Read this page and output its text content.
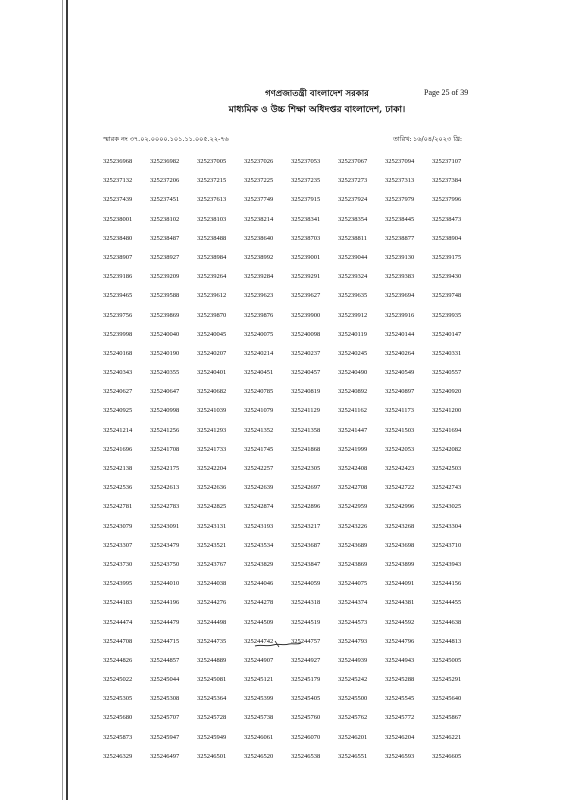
Page 25 of 39
গণপ্রজাতন্ত্রী বাংলাদেশ সরকার
মাধ্যমিক ও উচ্চ শিক্ষা অধিদপ্তর বাংলাদেশ, ঢাকা।
স্মারক নং ৩৭.০২.০০০০.১০১.১১.০০৫.২২-৭৬	তারিখ: ১৬/০৪/২০২৩ খ্রি:
325236968	325236982	325237005	325237026	325237053	325237067	325237094	325237107
325237132	325237206	325237215	325237225	325237235	325237273	325237313	325237384
325237439	325237451	325237613	325237749	325237915	325237924	325237979	325237996
325238001	325238102	325238103	325238214	325238341	325238354	325238445	325238473
325238480	325238487	325238488	325238640	325238703	325238811	325238877	325238904
325238907	325238927	325238984	325238992	325239001	325239044	325239130	325239175
325239186	325239209	325239264	325239284	325239291	325239324	325239383	325239430
325239465	325239588	325239612	325239623	325239627	325239635	325239694	325239748
325239756	325239869	325239870	325239876	325239900	325239912	325239916	325239935
325239998	325240040	325240045	325240075	325240098	325240119	325240144	325240147
325240168	325240190	325240207	325240214	325240237	325240245	325240264	325240331
325240343	325240355	325240401	325240451	325240457	325240490	325240549	325240557
325240627	325240647	325240682	325240785	325240819	325240892	325240897	325240920
325240925	325240998	325241039	325241079	325241129	325241162	325241173	325241200
325241214	325241256	325241293	325241352	325241358	325241447	325241503	325241694
325241696	325241708	325241733	325241745	325241868	325241999	325242053	325242082
325242138	325242175	325242204	325242257	325242305	325242408	325242423	325242503
325242536	325242613	325242636	325242639	325242697	325242708	325242722	325242743
325242781	325242783	325242825	325242874	325242896	325242959	325242996	325243025
325243079	325243091	325243131	325243193	325243217	325243226	325243268	325243304
325243307	325243479	325243521	325243534	325243687	325243689	325243698	325243710
325243730	325243750	325243767	325243829	325243847	325243869	325243899	325243943
325243995	325244010	325244038	325244046	325244059	325244075	325244091	325244156
325244183	325244196	325244276	325244278	325244318	325244374	325244381	325244455
325244474	325244479	325244498	325244509	325244519	325244573	325244592	325244638
325244708	325244715	325244735	325244742	325244757	325244793	325244796	325244813
325244826	325244857	325244889	325244907	325244927	325244939	325244943	325245005
325245022	325245044	325245081	325245121	325245179	325245242	325245288	325245291
325245305	325245308	325245364	325245399	325245405	325245500	325245545	325245640
325245680	325245707	325245728	325245738	325245760	325245762	325245772	325245867
325245873	325245947	325245949	325246061	325246070	325246201	325246204	325246221
325246329	325246497	325246501	325246520	325246538	325246551	325246593	325246605
